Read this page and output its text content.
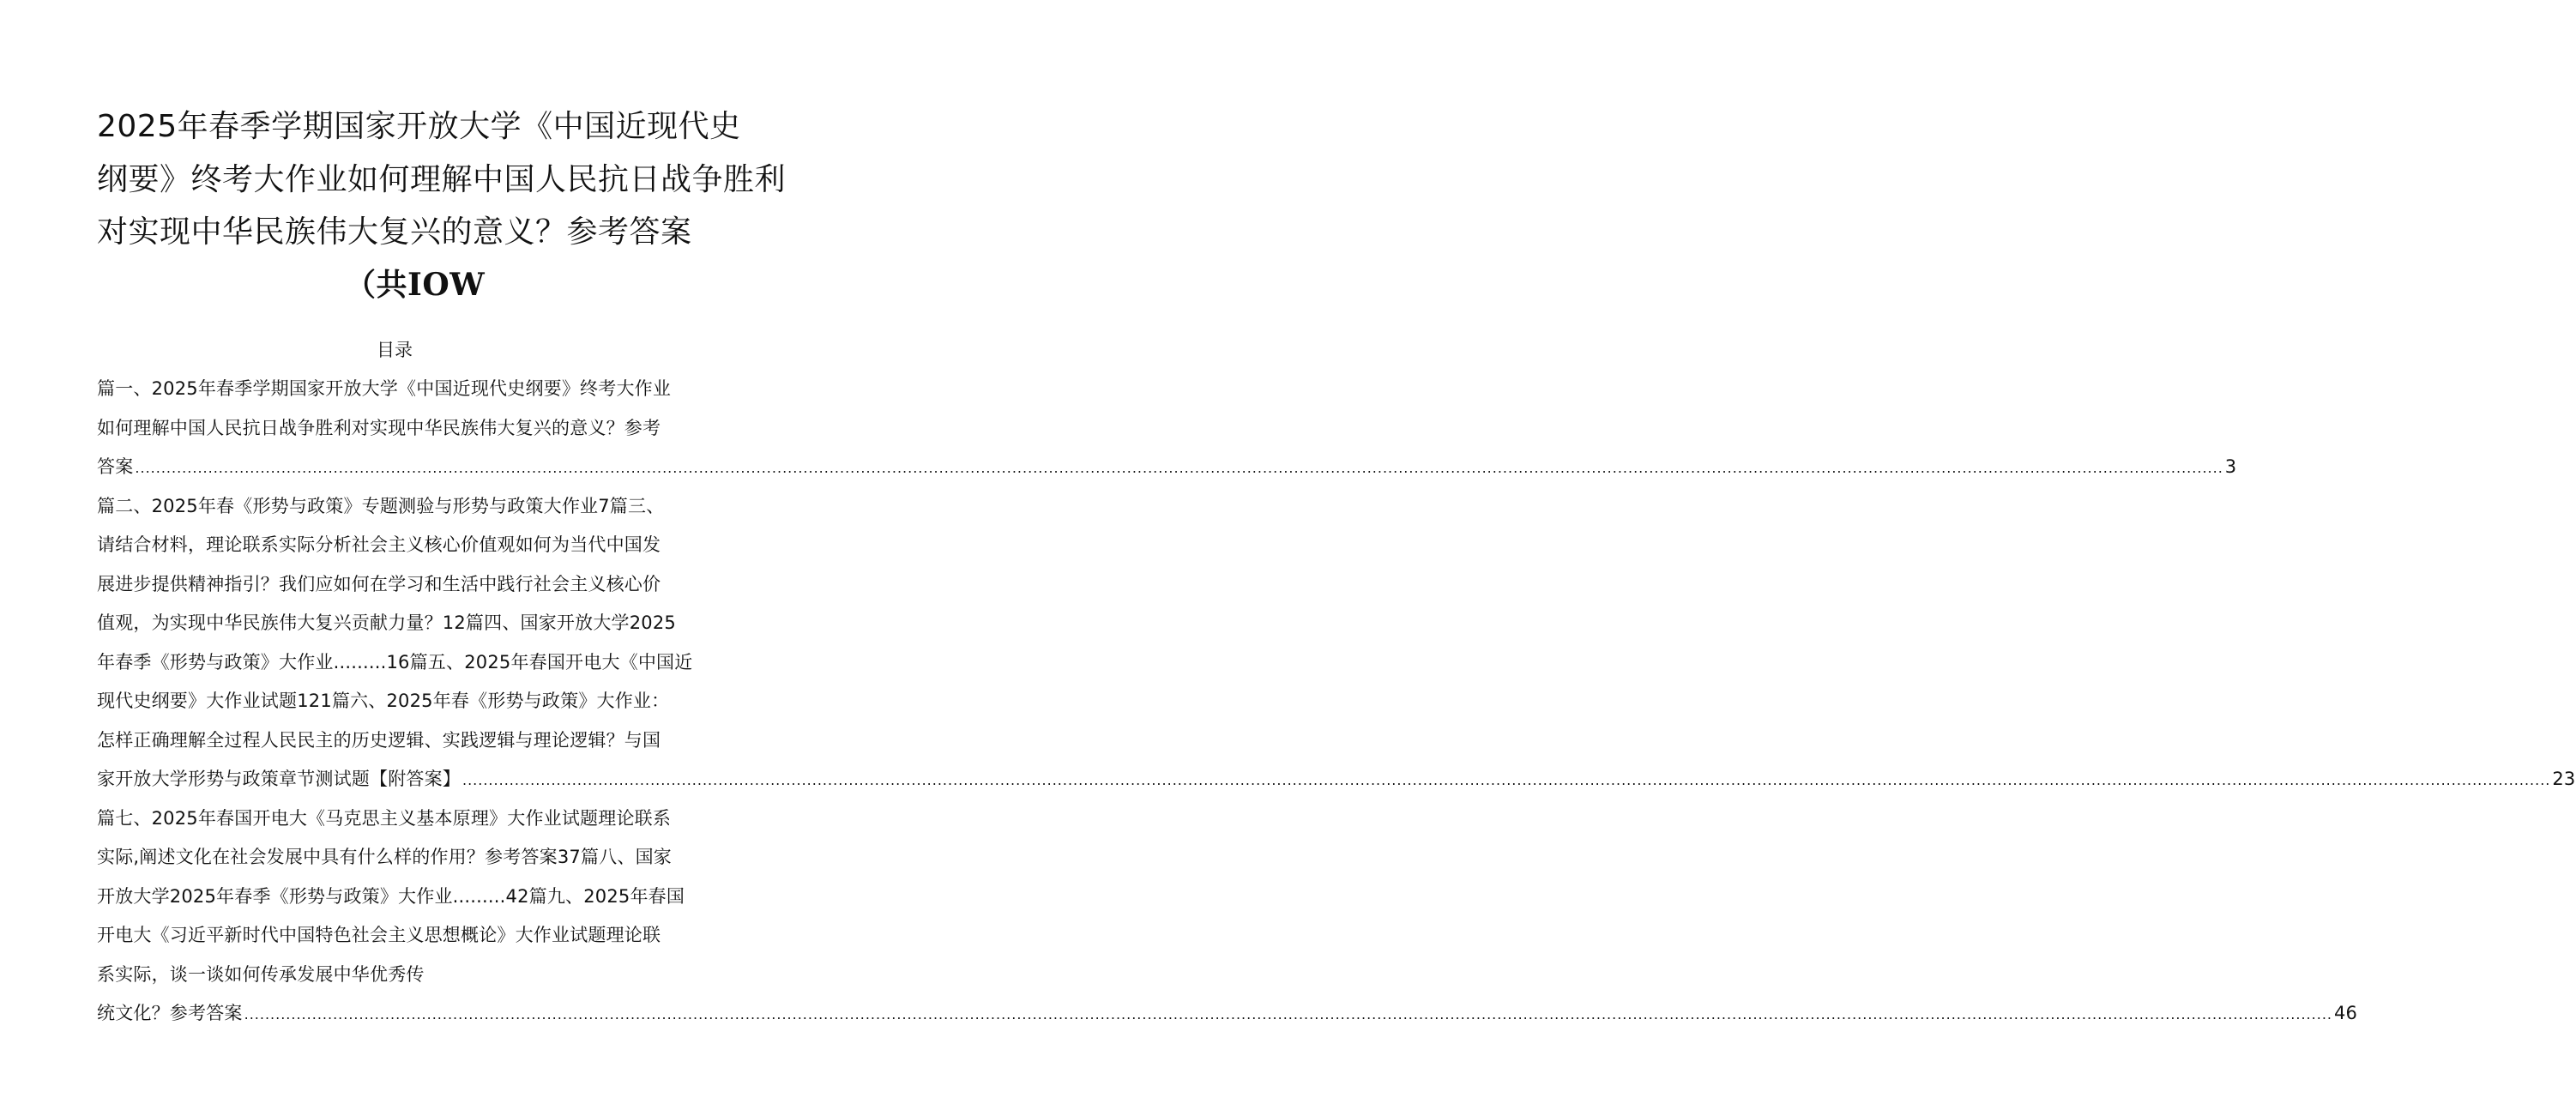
2025年春季学期国家开放大学《中国近现代史
纲要》终考大作业如何理解中国人民抗日战争胜利
对实现中华民族伟大复兴的意义？参考答案
（共IOW
目录
篇一、2025年春季学期国家开放大学《中国近现代史纲要》终考大作业
如何理解中国人民抗日战争胜利对实现中华民族伟大复兴的意义？参考
答案 ................................................................................................................................................................................................................................................................................................................................................................................................................ 3
篇二、2025年春《形势与政策》专题测验与形势与政策大作业7篇三、
请结合材料，理论联系实际分析社会主义核心价值观如何为当代中国发
展进步提供精神指引？我们应如何在学习和生活中践行社会主义核心价
值观，为实现中华民族伟大复兴贡献力量？12篇四、国家开放大学2025
年春季《形势与政策》大作业.........16篇五、2025年春国开电大《中国近
现代史纲要》大作业试题121篇六、2025年春《形势与政策》大作业：
怎样正确理解全过程人民民主的历史逻辑、实践逻辑与理论逻辑？与国
家开放大学形势与政策章节测试题【附答案】 ................................................................................................................................................................................................................................................................................................................................................................................................................ 23
篇七、2025年春国开电大《马克思主义基本原理》大作业试题理论联系
实际,阐述文化在社会发展中具有什么样的作用？参考答案37篇八、国家
开放大学2025年春季《形势与政策》大作业.........42篇九、2025年春国
开电大《习近平新时代中国特色社会主义思想概论》大作业试题理论联
系实际，谈一谈如何传承发展中华优秀传
统文化？参考答案 ................................................................................................................................................................................................................................................................................................................................................................................................................ 46
